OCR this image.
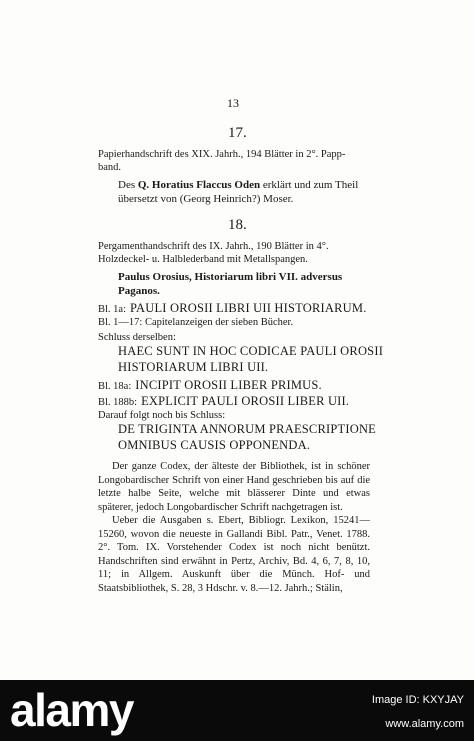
13
17.
Papierhandschrift des XIX. Jahrh., 194 Blätter in 2°. Papp-
band.
Des Q. Horatius Flaccus Oden erklärt und zum Theil
übersetzt von (Georg Heinrich?) Moser.
18.
Pergamenthandschrift des IX. Jahrh., 190 Blätter in 4°.
Holzdeckel- u. Halblederband mit Metallspangen.
Paulus Orosius, Historiarum libri VII. adversus
Paganos.
Bl. 1a: PAULI OROSII LIBRI UII HISTORIARUM.
Bl. 1—17: Capitelanzeigen der sieben Bücher.
Schluss derselben:
HAEC SUNT IN HOC CODICAE PAULI OROSII
HISTORIARUM LIBRI UII.
Bl. 18a: INCIPIT OROSII LIBER PRIMUS.
Bl. 188b: EXPLICIT PAULI OROSII LIBER UII.
Darauf folgt noch bis Schluss:
DE TRIGINTA ANNORUM PRAESCRIPTIONE
OMNIBUS CAUSIS OPPONENDA.
Der ganze Codex, der älteste der Bibliothek, ist in schöner Longobardischer Schrift von einer Hand geschrieben bis auf die letzte halbe Seite, welche mit blässerer Dinte und etwas späterer, jedoch Longobardischer Schrift nachgetragen ist.
Ueber die Ausgaben s. Ebert, Bibliogr. Lexikon, 15241— 15260, wovon die neueste in Gallandi Bibl. Patr., Venet. 1788. 2°. Tom. IX. Vorstehender Codex ist noch nicht benützt. Handschriften sind erwähnt in Pertz, Archiv, Bd. 4, 6, 7, 8, 10, 11; in Allgem. Auskunft über die Münch. Hof- und Staatsbibliothek, S. 28, 3 Hdschr. v. 8.—12. Jahrh.; Stälin,
alamy	Image ID: KXYJAY
www.alamy.com
